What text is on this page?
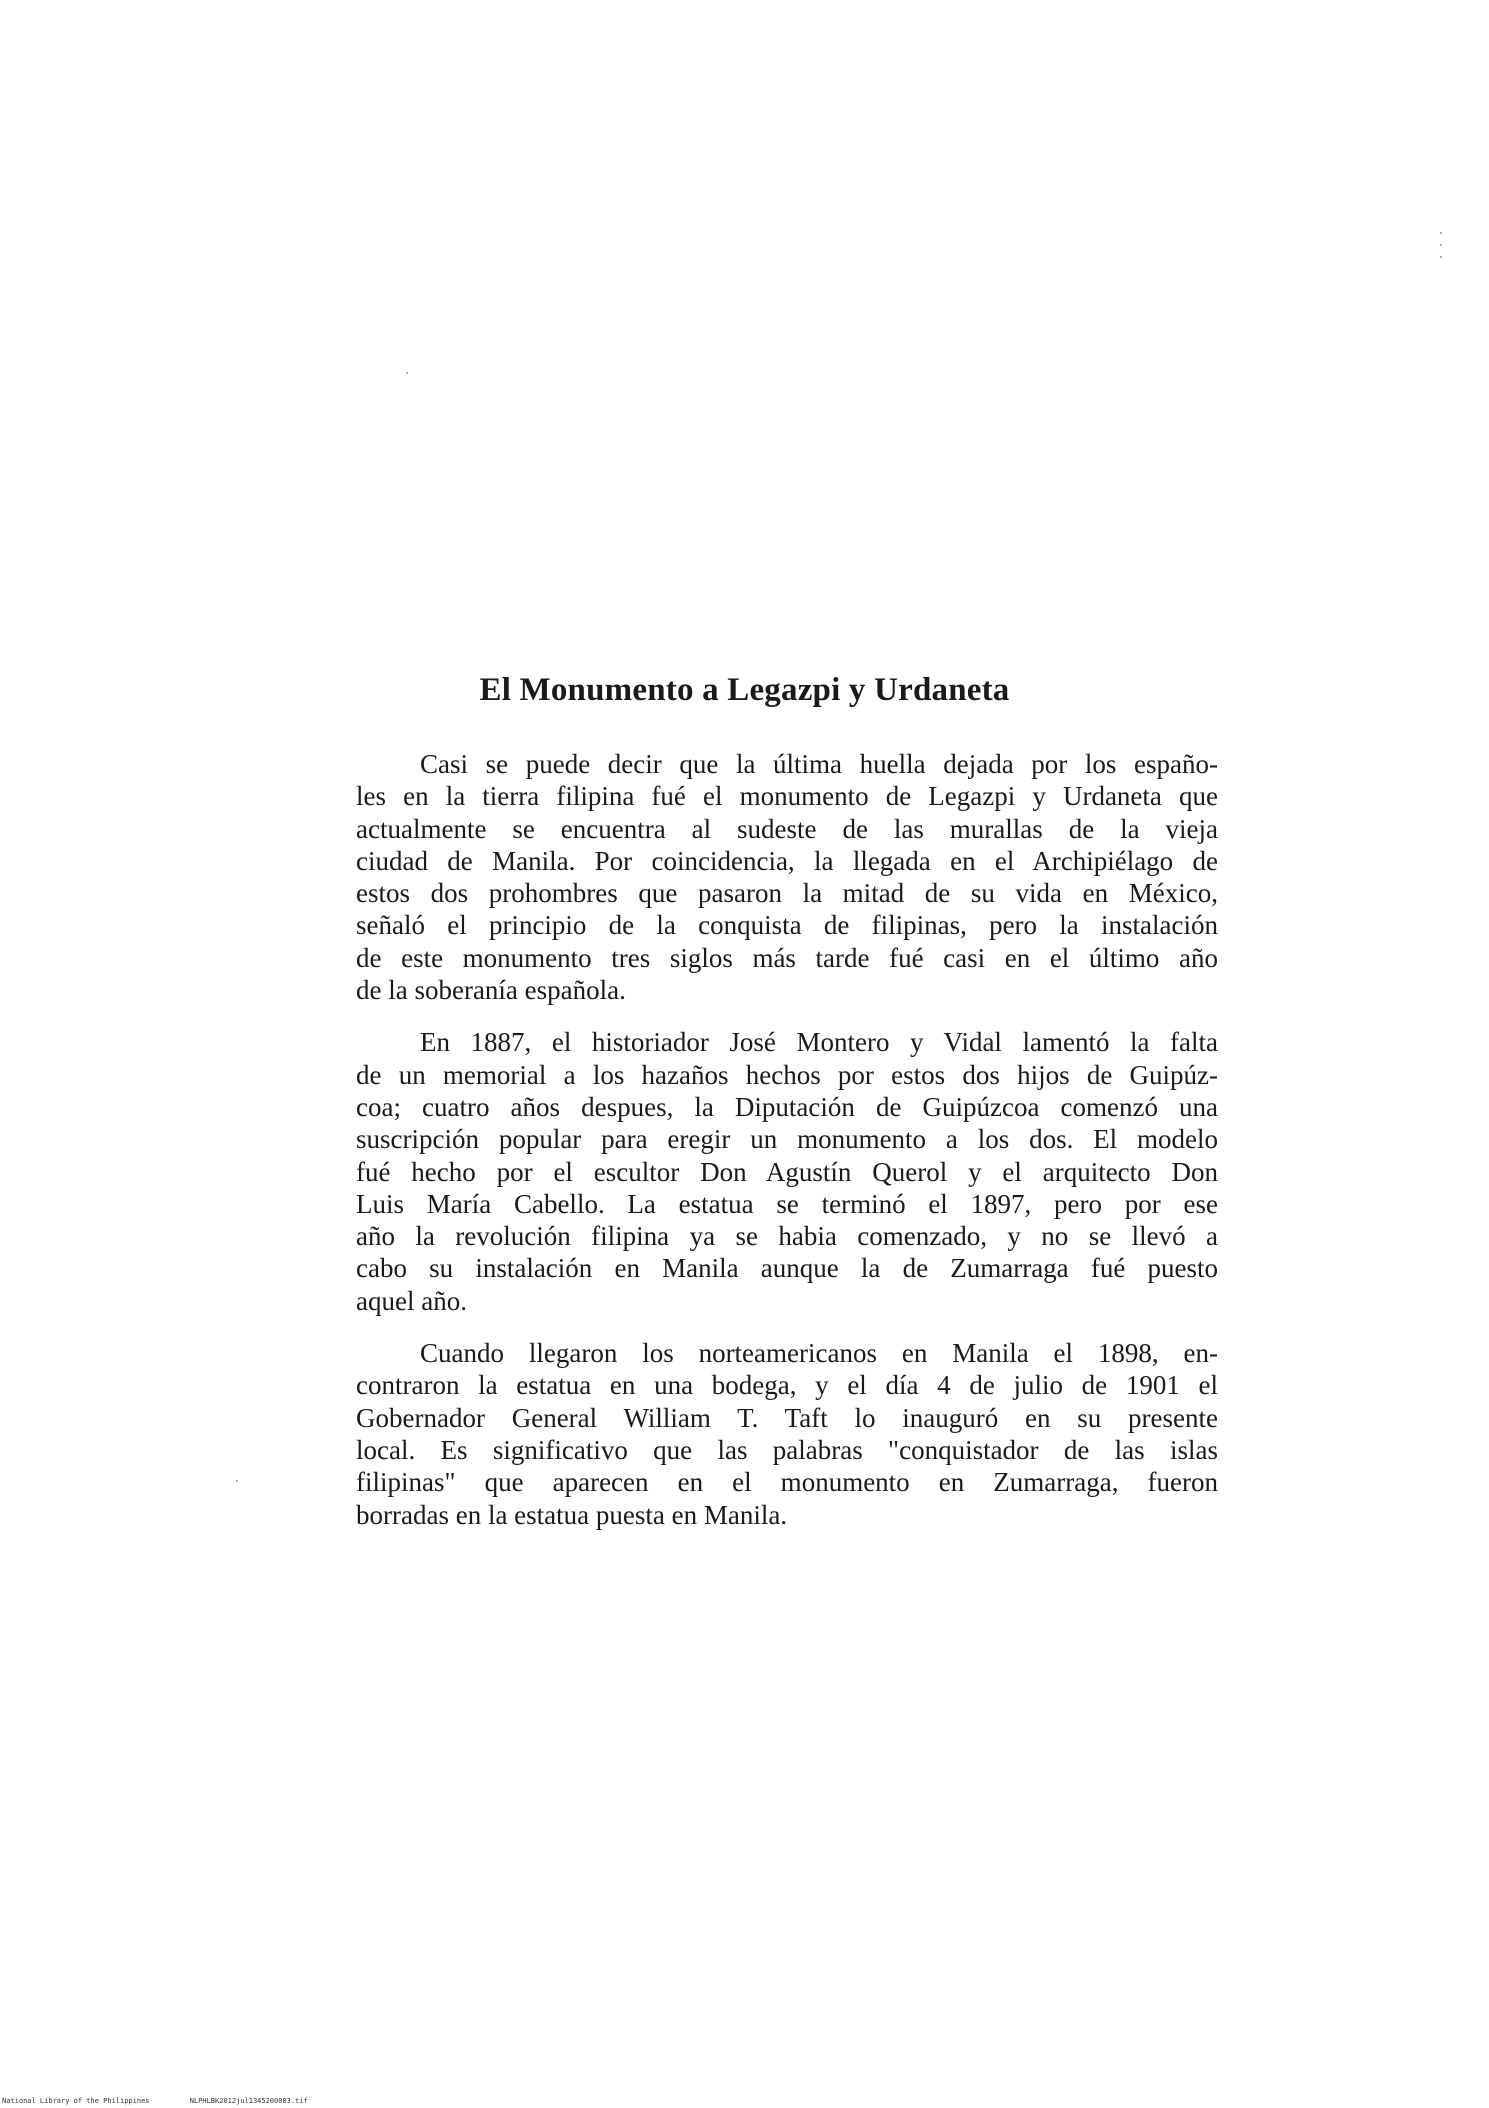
El Monumento a Legazpi y Urdaneta

Casi se puede decir que la última huella dejada por los españo-
les en la tierra filipina fué el monumento de Legazpi y Urdaneta que
actualmente se encuentra al sudeste de las murallas de la vieja
ciudad de Manila. Por coincidencia, la llegada en el Archipiélago de
estos dos prohombres que pasaron la mitad de su vida en México,
señaló el principio de la conquista de filipinas, pero la instalación
de este monumento tres siglos más tarde fué casi en el último año
de la soberanía española.

En 1887, el historiador José Montero y Vidal lamentó la falta
de un memorial a los hazaños hechos por estos dos hijos de Guipúz-
coa; cuatro años despues, la Diputación de Guipúzcoa comenzó una
suscripción popular para eregir un monumento a los dos. El modelo
fué hecho por el escultor Don Agustín Querol y el arquitecto Don
Luis María Cabello. La estatua se terminó el 1897, pero por ese
año la revolución filipina ya se habia comenzado, y no se llevó a
cabo su instalación en Manila aunque la de Zumarraga fué puesto
aquel año.

Cuando llegaron los norteamericanos en Manila el 1898, en-
contraron la estatua en una bodega, y el día 4 de julio de 1901 el
Gobernador General William T. Taft lo inauguró en su presente
local. Es significativo que las palabras "conquistador de las islas
filipinas" que aparecen en el monumento en Zumarraga, fueron
borradas en la estatua puesta en Manila.

National Library of the Philippines	NLPHLBK2012jul1345200003.tif
